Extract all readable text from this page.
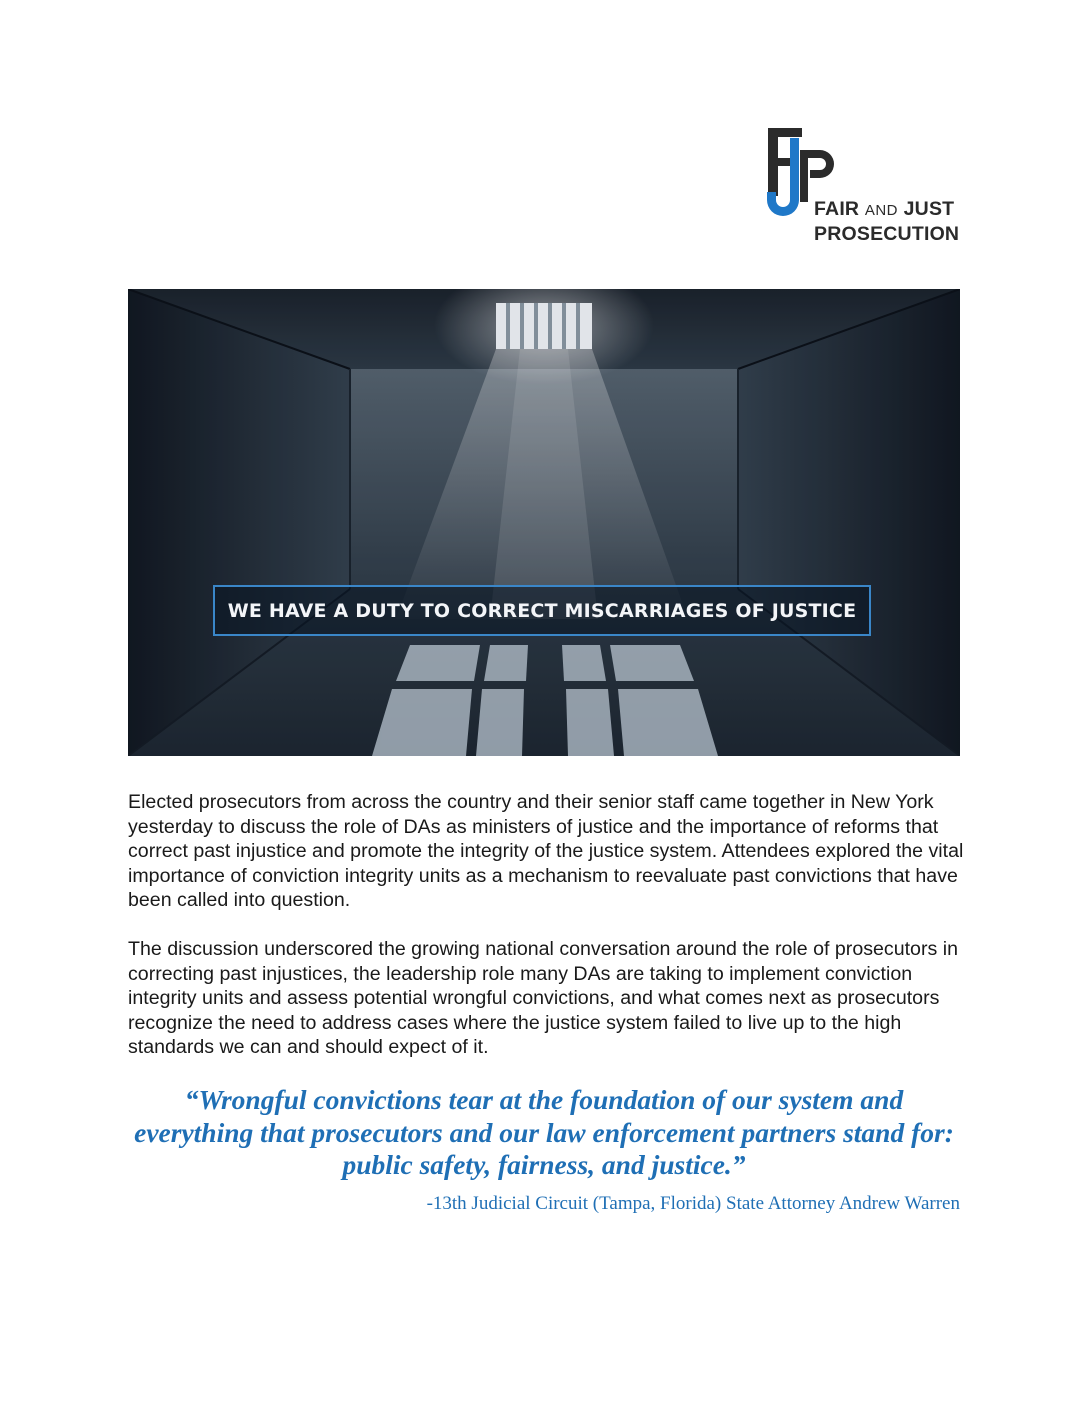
FAIR AND JUST
PROSECUTION
WE HAVE A DUTY TO CORRECT MISCARRIAGES OF JUSTICE

Elected prosecutors from across the country and their senior staff came together in New York yesterday to discuss the role of DAs as ministers of justice and the importance of reforms that correct past injustice and promote the integrity of the justice system. Attendees explored the vital importance of conviction integrity units as a mechanism to reevaluate past convictions that have been called into question.

The discussion underscored the growing national conversation around the role of prosecutors in correcting past injustices, the leadership role many DAs are taking to implement conviction integrity units and assess potential wrongful convictions, and what comes next as prosecutors recognize the need to address cases where the justice system failed to live up to the high standards we can and should expect of it.

“Wrongful convictions tear at the foundation of our system and everything that prosecutors and our law enforcement partners stand for: public safety, fairness, and justice.”

-13th Judicial Circuit (Tampa, Florida) State Attorney Andrew Warren
